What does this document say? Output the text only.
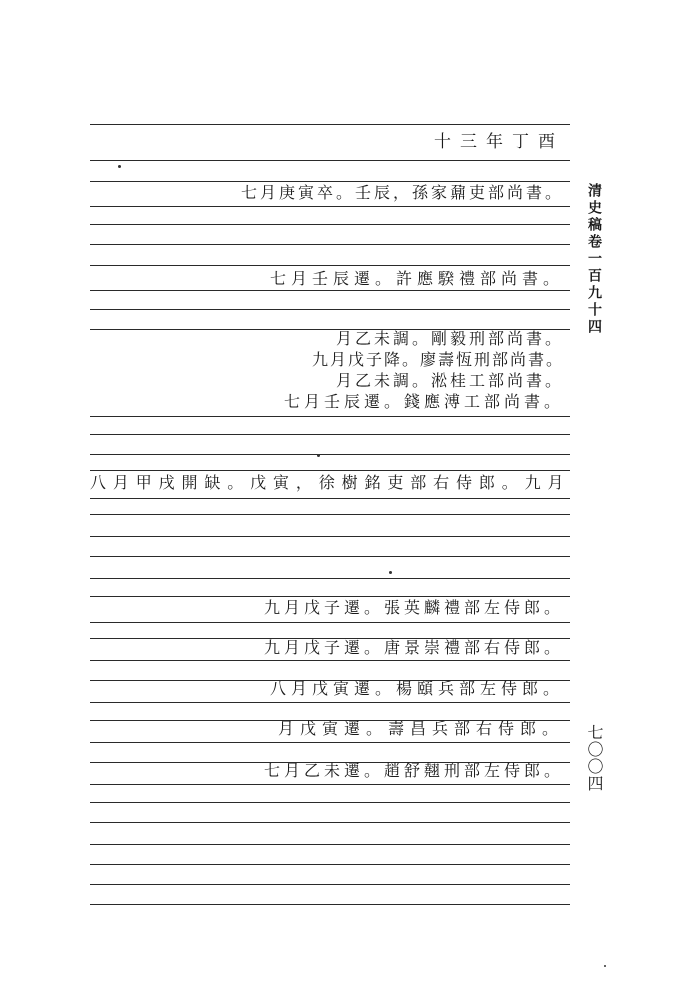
十三年丁酉
七月庚寅卒。壬辰，孫家鼐吏部尚書。
七月壬辰遷。許應騤禮部尚書。
月乙未調。剛毅刑部尚書。
九月戊子降。廖壽恆刑部尚書。
月乙未調。淞桂工部尚書。
七月壬辰遷。錢應溥工部尚書。
八月甲戌開缺。戊寅，徐樹銘吏部右侍郎。九月
九月戊子遷。張英麟禮部左侍郎。
九月戊子遷。唐景崇禮部右侍郎。
八月戊寅遷。楊頤兵部左侍郎。
月戊寅遷。壽昌兵部右侍郎。
七月乙未遷。趙舒翹刑部左侍郎。
清史稿卷一百九十四
七〇〇四
